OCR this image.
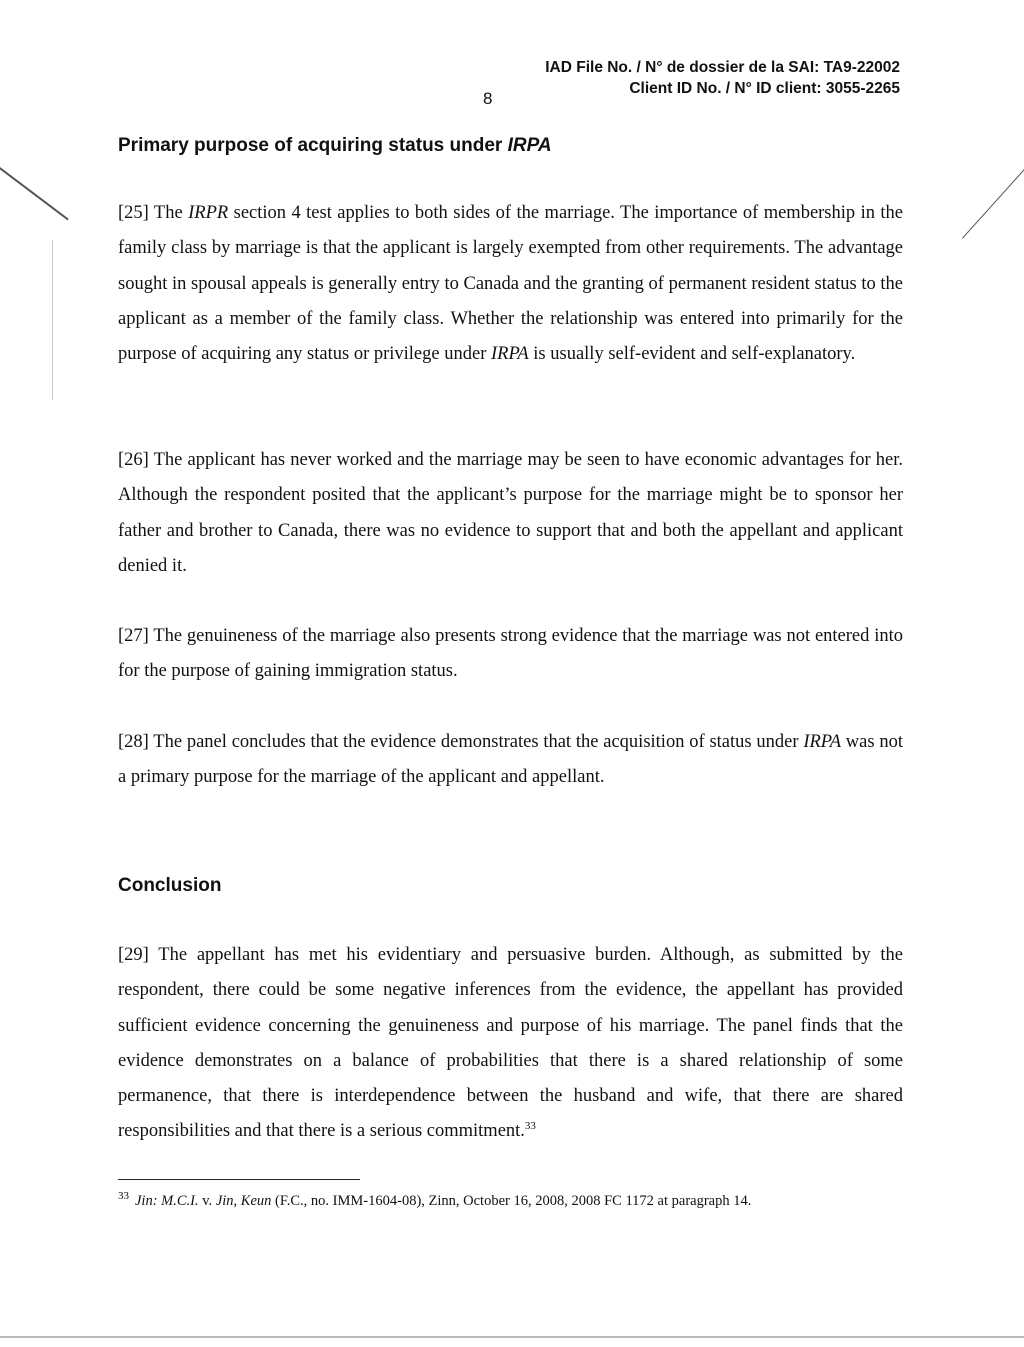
IAD File No. / N° de dossier de la SAI: TA9-22002
Client ID No. / N° ID client: 3055-2265
8
Primary purpose of acquiring status under IRPA

[25] The IRPR section 4 test applies to both sides of the marriage. The importance of membership in the family class by marriage is that the applicant is largely exempted from other requirements. The advantage sought in spousal appeals is generally entry to Canada and the granting of permanent resident status to the applicant as a member of the family class. Whether the relationship was entered into primarily for the purpose of acquiring any status or privilege under IRPA is usually self-evident and self-explanatory.

[26] The applicant has never worked and the marriage may be seen to have economic advantages for her. Although the respondent posited that the applicant’s purpose for the marriage might be to sponsor her father and brother to Canada, there was no evidence to support that and both the appellant and applicant denied it.

[27] The genuineness of the marriage also presents strong evidence that the marriage was not entered into for the purpose of gaining immigration status.

[28] The panel concludes that the evidence demonstrates that the acquisition of status under IRPA was not a primary purpose for the marriage of the applicant and appellant.

Conclusion

[29] The appellant has met his evidentiary and persuasive burden. Although, as submitted by the respondent, there could be some negative inferences from the evidence, the appellant has provided sufficient evidence concerning the genuineness and purpose of his marriage. The panel finds that the evidence demonstrates on a balance of probabilities that there is a shared relationship of some permanence, that there is interdependence between the husband and wife, that there are shared responsibilities and that there is a serious commitment.$^{33}$

$^{33}$ Jin: M.C.I. v. Jin, Keun (F.C., no. IMM-1604-08), Zinn, October 16, 2008, 2008 FC 1172 at paragraph 14.
